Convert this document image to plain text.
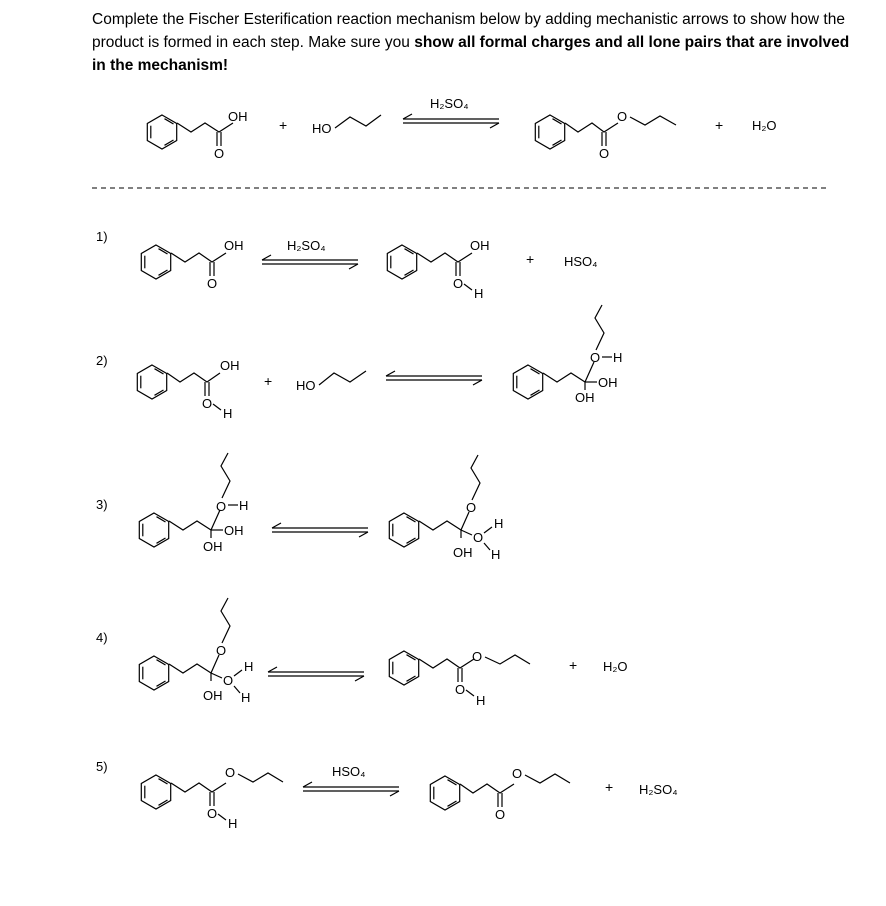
Complete the Fischer Esterification reaction mechanism below by adding mechanistic arrows to show how the product is formed in each step. Make sure you show all formal charges and all lone pairs that are involved in the mechanism!

OH
O
+ HO
H₂SO₄
O
O
+ H₂O
1)
OH
O
H₂SO₄	OH
O
H
+ HSO₄
2)	OH
O
H
+ HO
O H
OH
OH
3)	O H
OH
OH
O
O
H
H
OH
4)
O
O
H
H
OH
O
O
H
+ H₂O
5)	O
O
H
HSO₄	O
O
+ H₂SO₄
